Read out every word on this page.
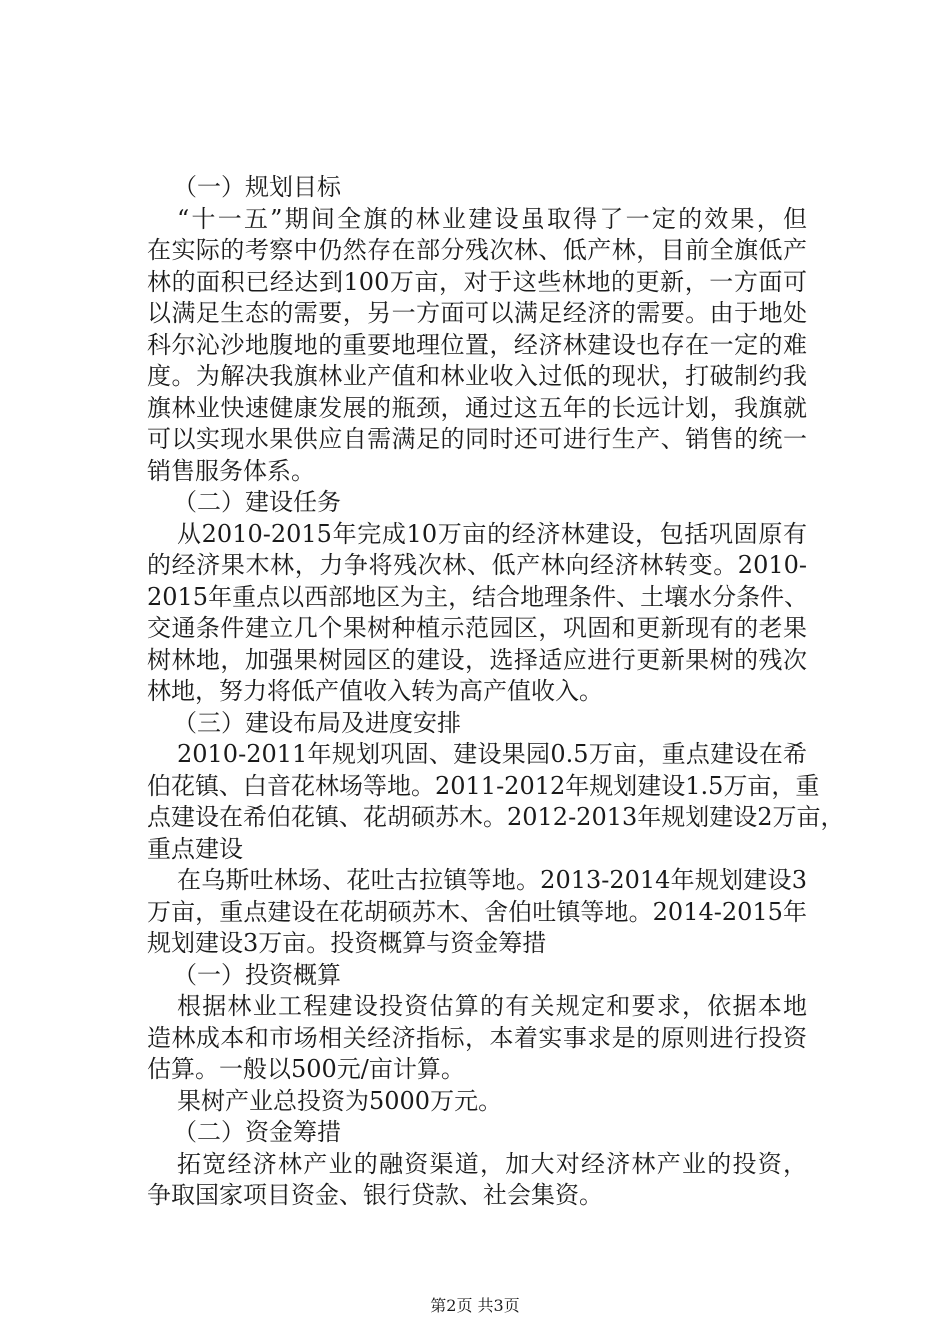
（一）规划目标
“十一五”期间全旗的林业建设虽取得了一定的效果，但
在实际的考察中仍然存在部分残次林、低产林，目前全旗低产
林的面积已经达到100万亩，对于这些林地的更新，一方面可
以满足生态的需要，另一方面可以满足经济的需要。由于地处
科尔沁沙地腹地的重要地理位置，经济林建设也存在一定的难
度。为解决我旗林业产值和林业收入过低的现状，打破制约我
旗林业快速健康发展的瓶颈，通过这五年的长远计划，我旗就
可以实现水果供应自需满足的同时还可进行生产、销售的统一
销售服务体系。
（二）建设任务
从2010-2015年完成10万亩的经济林建设，包括巩固原有
的经济果木林，力争将残次林、低产林向经济林转变。2010-
2015年重点以西部地区为主，结合地理条件、土壤水分条件、
交通条件建立几个果树种植示范园区，巩固和更新现有的老果
树林地，加强果树园区的建设，选择适应进行更新果树的残次
林地，努力将低产值收入转为高产值收入。
（三）建设布局及进度安排
2010-2011年规划巩固、建设果园0.5万亩，重点建设在希
伯花镇、白音花林场等地。2011-2012年规划建设1.5万亩，重
点建设在希伯花镇、花胡硕苏木。2012-2013年规划建设2万亩，
重点建设
在乌斯吐林场、花吐古拉镇等地。2013-2014年规划建设3
万亩，重点建设在花胡硕苏木、舍伯吐镇等地。2014-2015年
规划建设3万亩。投资概算与资金筹措
（一）投资概算
根据林业工程建设投资估算的有关规定和要求，依据本地
造林成本和市场相关经济指标，本着实事求是的原则进行投资
估算。一般以500元/亩计算。
果树产业总投资为5000万元。
（二）资金筹措
拓宽经济林产业的融资渠道，加大对经济林产业的投资，
争取国家项目资金、银行贷款、社会集资。
第2页 共3页
